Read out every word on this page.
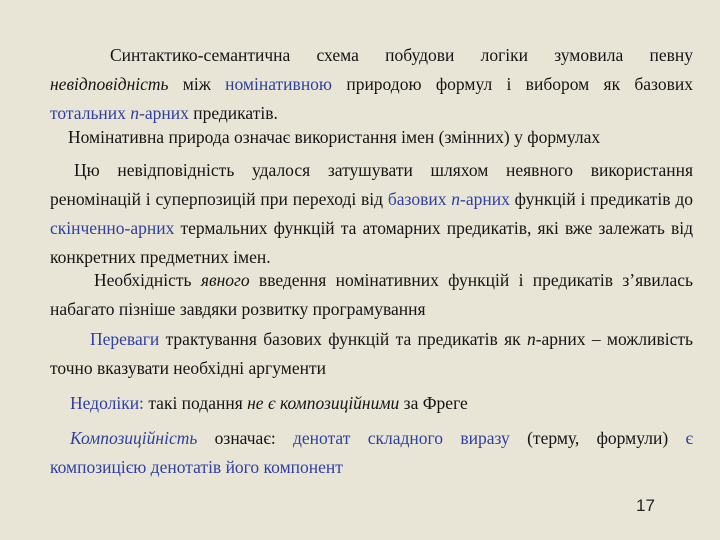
Синтактико-семантична схема побудови логіки зумовила певну невідповідність між номінативною природою формул і вибором як базових тотальних n-арних предикатів.

Номінативна природа означає використання імен (змінних) у формулах

Цю невідповідність удалося затушувати шляхом неявного використання реномінацій і суперпозицій при переході від базових n-арних функцій і предикатів до скінченно-арних термальних функцій та атомарних предикатів, які вже залежать від конкретних предметних імен.

Необхідність явного введення номінативних функцій і предикатів з’явилась набагато пізніше завдяки розвитку програмування

Переваги трактування базових функцій та предикатів як n-арних – можливість точно вказувати необхідні аргументи

Недоліки: такі подання не є композиційними за Фреге

Композиційність означає: денотат складного виразу (терму, формули) є композицією денотатів його компонент

17
